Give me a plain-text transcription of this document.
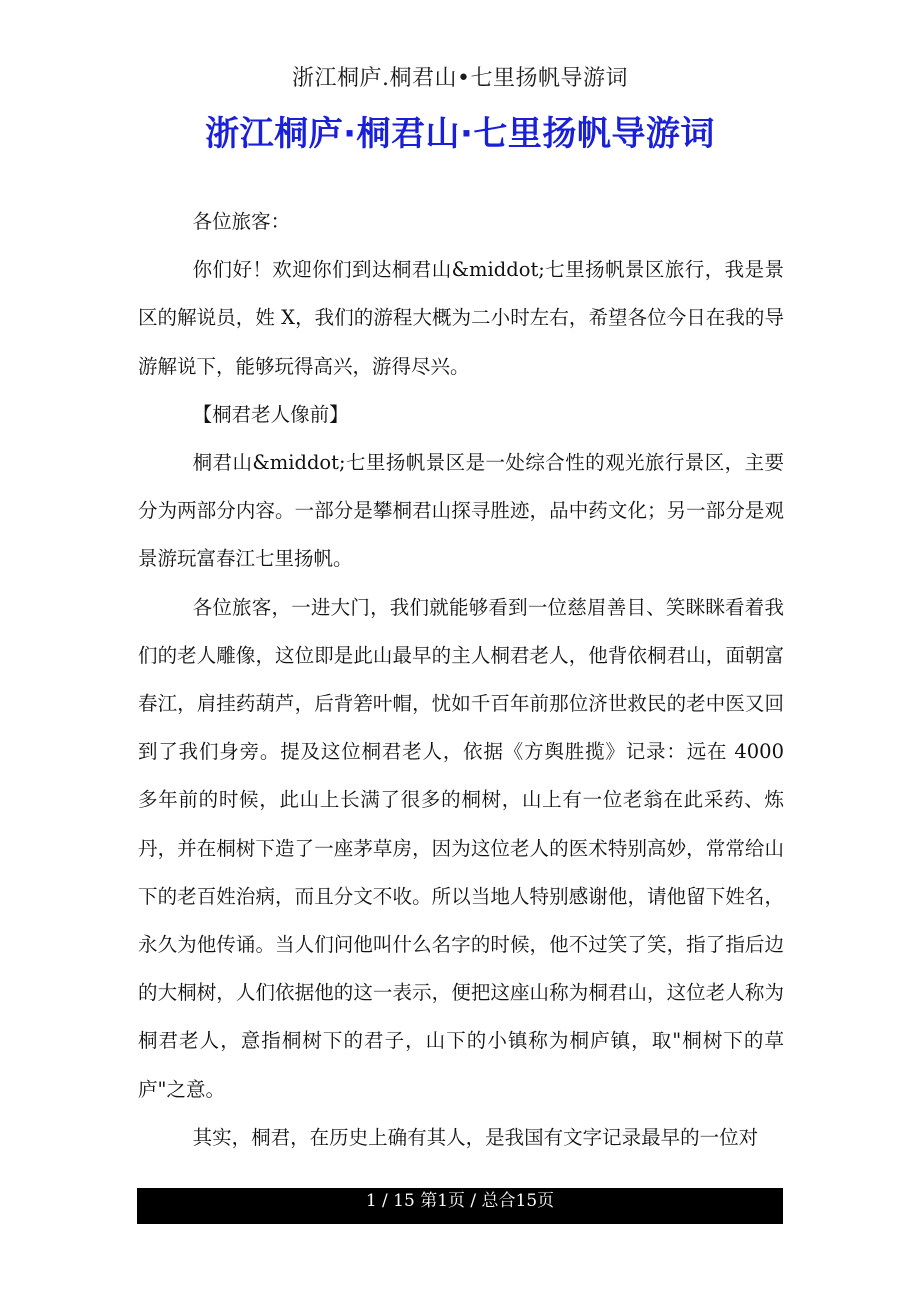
浙江桐庐.桐君山•七里扬帆导游词
浙江桐庐·桐君山·七里扬帆导游词

各位旅客：

你们好！欢迎你们到达桐君山&middot;七里扬帆景区旅行，我是景区的解说员，姓 X，我们的游程大概为二小时左右，希望各位今日在我的导游解说下，能够玩得高兴，游得尽兴。

【桐君老人像前】

桐君山&middot;七里扬帆景区是一处综合性的观光旅行景区，主要分为两部分内容。一部分是攀桐君山探寻胜迹，品中药文化；另一部分是观景游玩富春江七里扬帆。

各位旅客，一进大门，我们就能够看到一位慈眉善目、笑眯眯看着我们的老人雕像，这位即是此山最早的主人桐君老人，他背依桐君山，面朝富春江，肩挂药葫芦，后背箬叶帽，忧如千百年前那位济世救民的老中医又回到了我们身旁。提及这位桐君老人，依据《方舆胜揽》记录：远在 4000 多年前的时候，此山上长满了很多的桐树，山上有一位老翁在此采药、炼丹，并在桐树下造了一座茅草房，因为这位老人的医术特别高妙，常常给山下的老百姓治病，而且分文不收。所以当地人特别感谢他，请他留下姓名，永久为他传诵。当人们问他叫什么名字的时候，他不过笑了笑，指了指后边的大桐树，人们依据他的这一表示，便把这座山称为桐君山，这位老人称为桐君老人，意指桐树下的君子，山下的小镇称为桐庐镇，取"桐树下的草庐"之意。

其实，桐君，在历史上确有其人，是我国有文字记录最早的一位对

1 / 15 第1页 / 总合15页
